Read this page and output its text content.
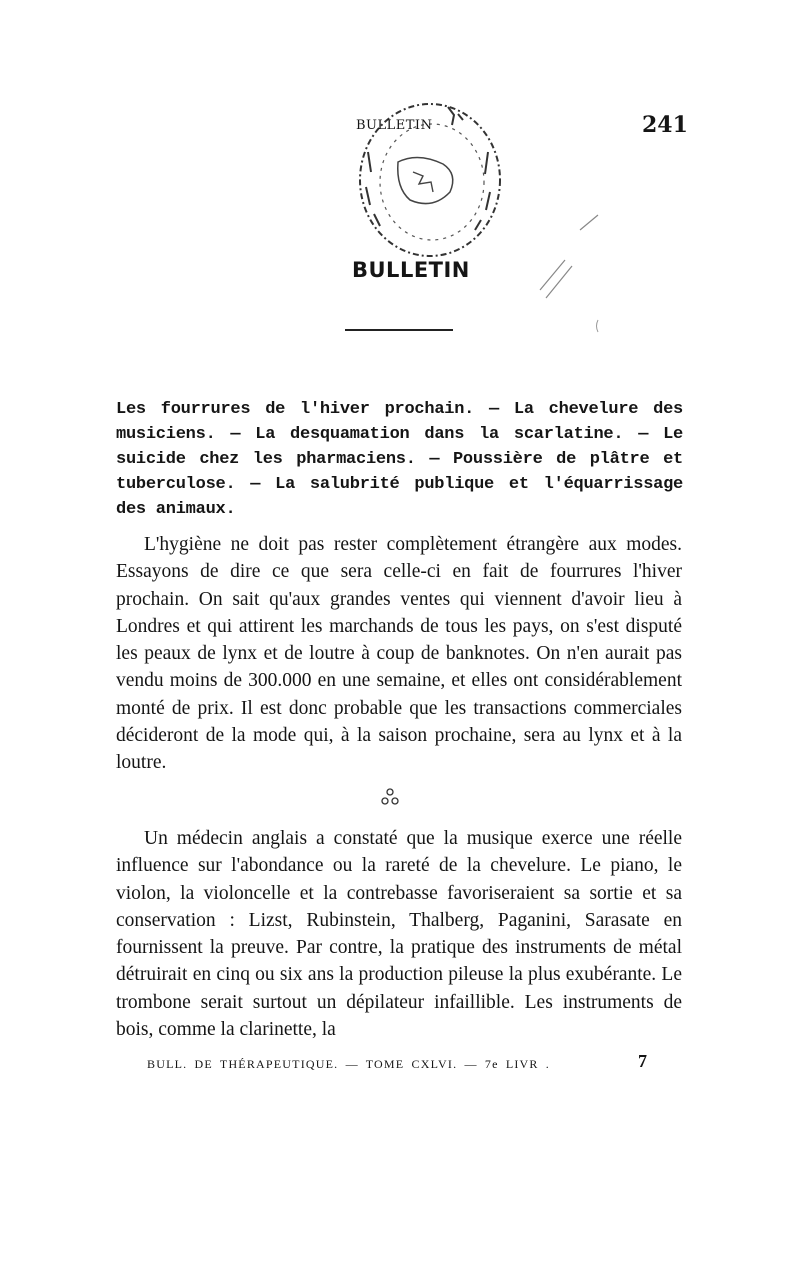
BULLETIN	241
BULLETIN

Les fourrures de l'hiver prochain. — La chevelure des musiciens. — La desquamation dans la scarlatine. — Le suicide chez les pharmaciens. — Poussière de plâtre et tuberculose. — La salubrité publique et l'équarrissage des animaux.

L'hygiène ne doit pas rester complètement étrangère aux modes. Essayons de dire ce que sera celle-ci en fait de fourrures l'hiver prochain. On sait qu'aux grandes ventes qui viennent d'avoir lieu à Londres et qui attirent les marchands de tous les pays, on s'est disputé les peaux de lynx et de loutre à coup de banknotes. On n'en aurait pas vendu moins de 300.000 en une semaine, et elles ont considérablement monté de prix. Il est donc probable que les transactions commerciales décideront de la mode qui, à la saison prochaine, sera au lynx et à la loutre.

Un médecin anglais a constaté que la musique exerce une réelle influence sur l'abondance ou la rareté de la chevelure. Le piano, le violon, la violoncelle et la contrebasse favoriseraient sa sortie et sa conservation : Lizst, Rubinstein, Thalberg, Paganini, Sarasate en fournissent la preuve. Par contre, la pratique des instruments de métal détruirait en cinq ou six ans la production pileuse la plus exubérante. Le trombone serait surtout un dépilateur infaillible. Les instruments de bois, comme la clarinette, la

BULL. DE THÉRAPEUTIQUE. — TOME CXLVI. — 7e LIVR .	7
